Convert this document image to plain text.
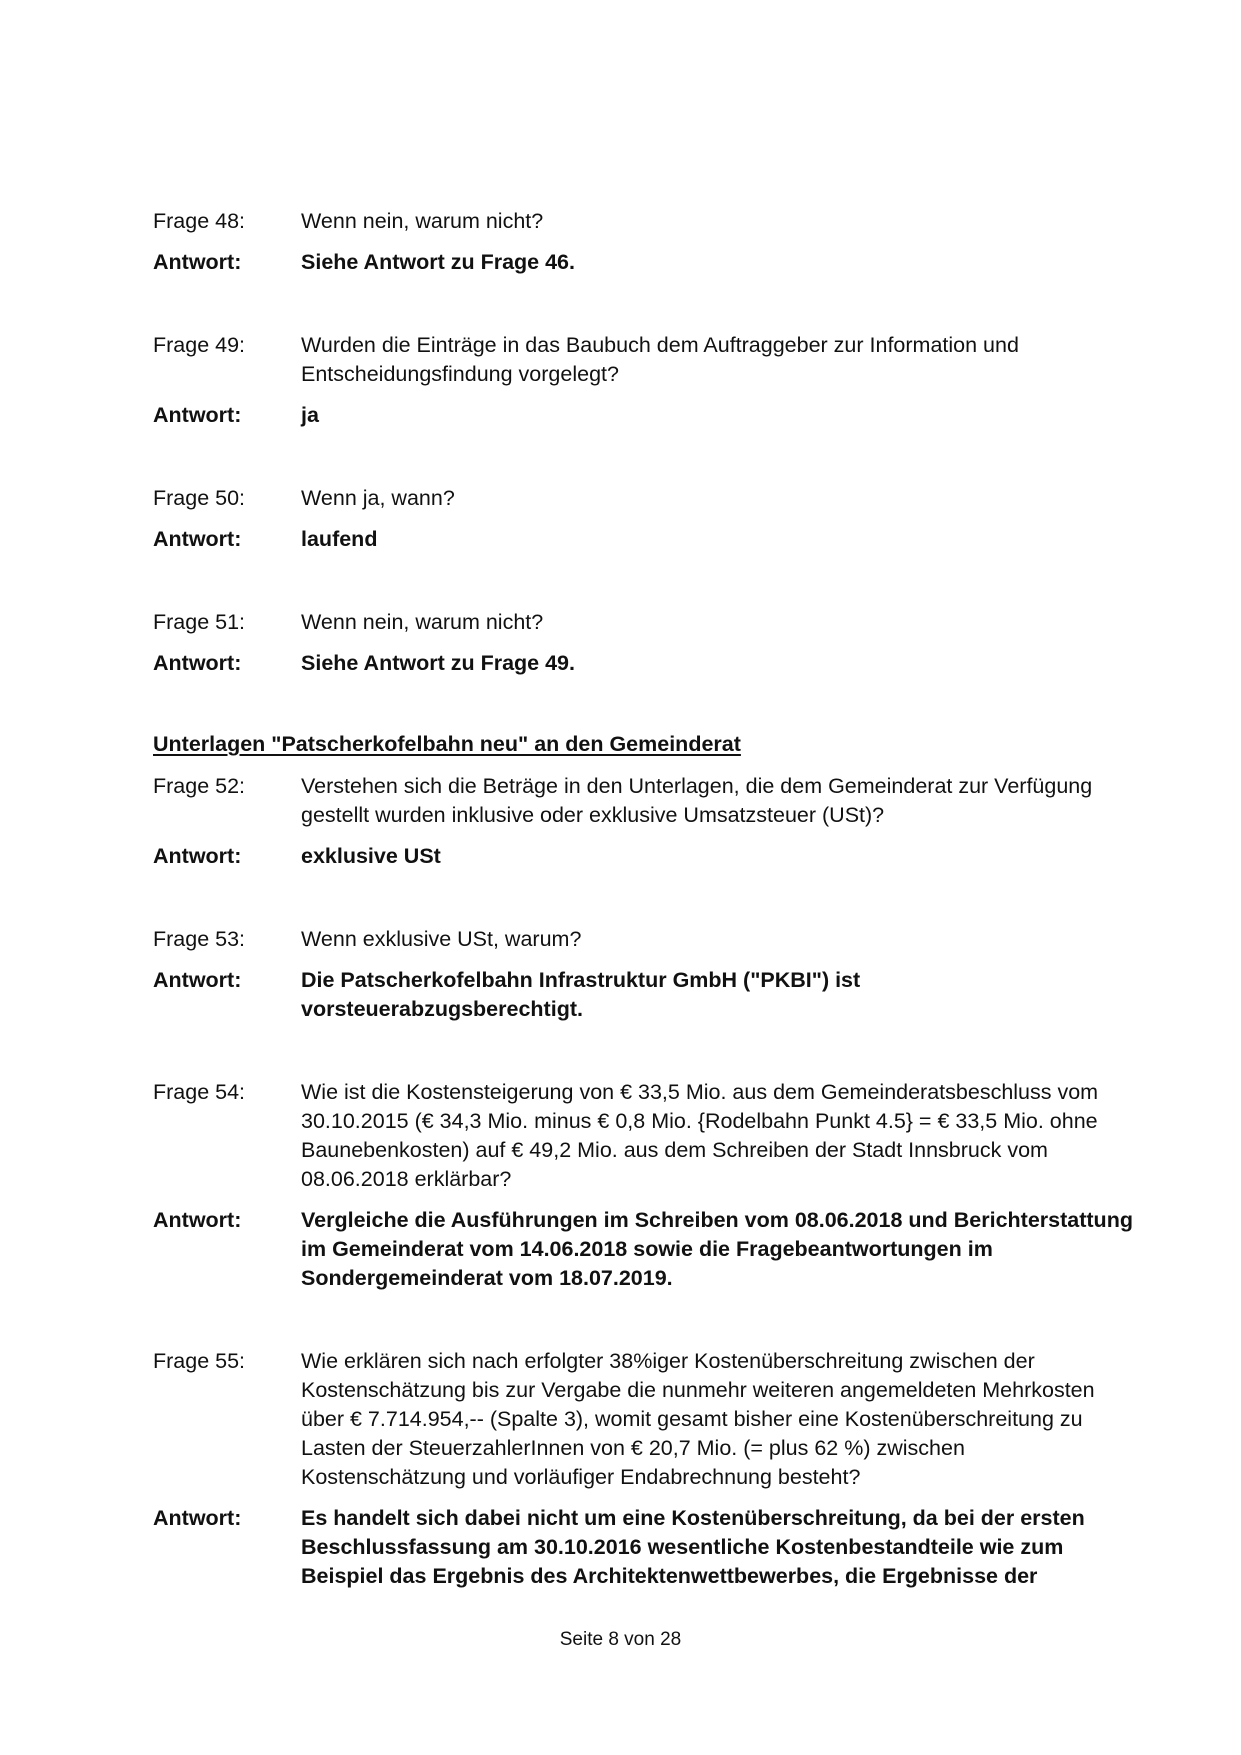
Frage 48:	Wenn nein, warum nicht?
Antwort:	Siehe Antwort zu Frage 46.
Frage 49:	Wurden die Einträge in das Baubuch dem Auftraggeber zur Information und Entscheidungsfindung vorgelegt?
Antwort:	ja
Frage 50:	Wenn ja, wann?
Antwort:	laufend
Frage 51:	Wenn nein, warum nicht?
Antwort:	Siehe Antwort zu Frage 49.
Unterlagen "Patscherkofelbahn neu" an den Gemeinderat
Frage 52:	Verstehen sich die Beträge in den Unterlagen, die dem Gemeinderat zur Verfügung gestellt wurden inklusive oder exklusive Umsatzsteuer (USt)?
Antwort:	exklusive USt
Frage 53:	Wenn exklusive USt, warum?
Antwort:	Die Patscherkofelbahn Infrastruktur GmbH ("PKBI") ist vorsteuerabzugsberechtigt.
Frage 54:	Wie ist die Kostensteigerung von € 33,5 Mio. aus dem Gemeinderatsbeschluss vom 30.10.2015 (€ 34,3 Mio. minus € 0,8 Mio. {Rodelbahn Punkt 4.5} = € 33,5 Mio. ohne Baunebenkosten) auf € 49,2 Mio. aus dem Schreiben der Stadt Innsbruck vom 08.06.2018 erklärbar?
Antwort:	Vergleiche die Ausführungen im Schreiben vom 08.06.2018 und Berichterstattung im Gemeinderat vom 14.06.2018 sowie die Fragebeantwortungen im Sondergemeinderat vom 18.07.2019.
Frage 55:	Wie erklären sich nach erfolgter 38%iger Kostenüberschreitung zwischen der Kostenschätzung bis zur Vergabe die nunmehr weiteren angemeldeten Mehrkosten über € 7.714.954,-- (Spalte 3), womit gesamt bisher eine Kostenüberschreitung zu Lasten der SteuerzahlerInnen von € 20,7 Mio. (= plus 62 %) zwischen Kostenschätzung und vorläufiger Endabrechnung besteht?
Antwort:	Es handelt sich dabei nicht um eine Kostenüberschreitung, da bei der ersten Beschlussfassung am 30.10.2016 wesentliche Kostenbestandteile wie zum Beispiel das Ergebnis des Architektenwettbewerbes, die Ergebnisse der
Seite 8 von 28
